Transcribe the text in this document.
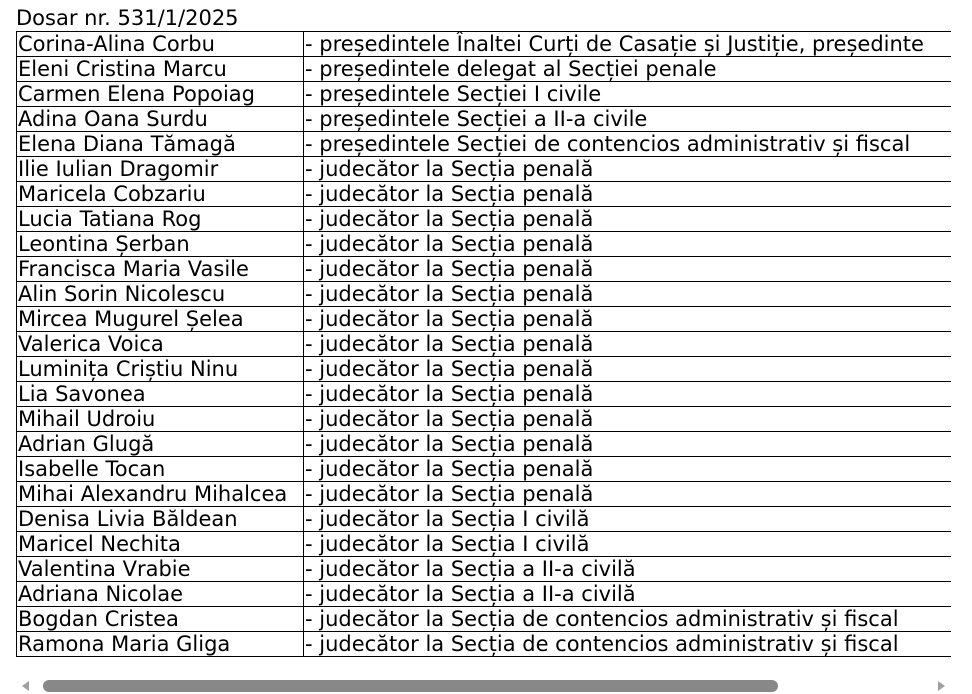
Dosar nr. 531/1/2025
Corina-Alina Corbu	- președintele Înaltei Curți de Casație și Justiție, președinte
Eleni Cristina Marcu	- președintele delegat al Secției penale
Carmen Elena Popoiag	- președintele Secției I civile
Adina Oana Surdu	- președintele Secției a II-a civile
Elena Diana Tămagă	- președintele Secției de contencios administrativ și fiscal
Ilie Iulian Dragomir	- judecător la Secția penală
Maricela Cobzariu	- judecător la Secția penală
Lucia Tatiana Rog	- judecător la Secția penală
Leontina Șerban	- judecător la Secția penală
Francisca Maria Vasile	- judecător la Secția penală
Alin Sorin Nicolescu	- judecător la Secția penală
Mircea Mugurel Șelea	- judecător la Secția penală
Valerica Voica	- judecător la Secția penală
Luminița Criștiu Ninu	- judecător la Secția penală
Lia Savonea	- judecător la Secția penală
Mihail Udroiu	- judecător la Secția penală
Adrian Glugă	- judecător la Secția penală
Isabelle Tocan	- judecător la Secția penală
Mihai Alexandru Mihalcea	- judecător la Secția penală
Denisa Livia Băldean	- judecător la Secția I civilă
Maricel Nechita	- judecător la Secția I civilă
Valentina Vrabie	- judecător la Secția a II-a civilă
Adriana Nicolae	- judecător la Secția a II-a civilă
Bogdan Cristea	- judecător la Secția de contencios administrativ și fiscal
Ramona Maria Gliga	- judecător la Secția de contencios administrativ și fiscal
